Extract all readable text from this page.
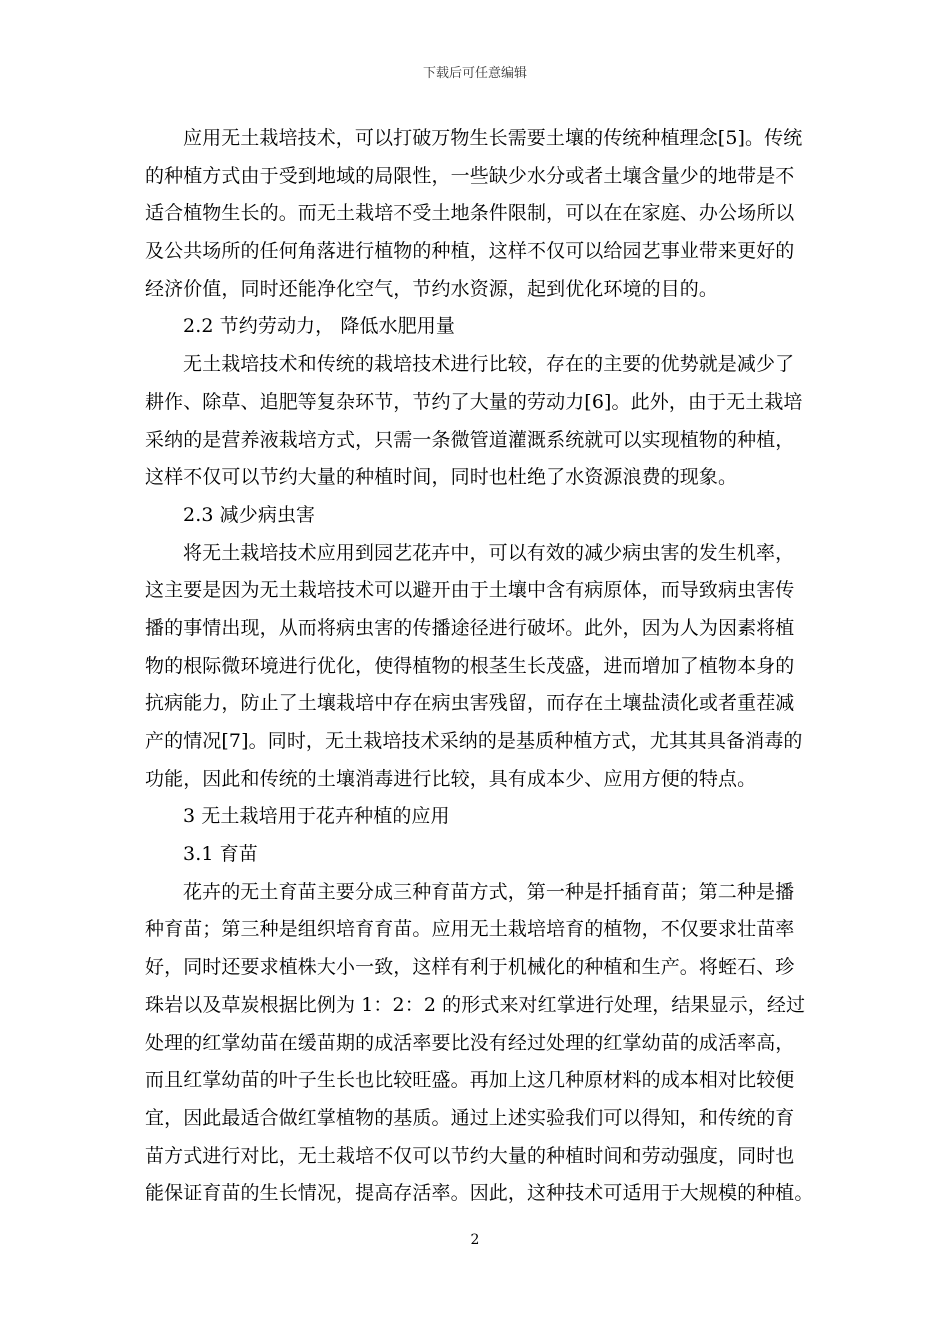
下载后可任意编辑
应用无土栽培技术，可以打破万物生长需要土壤的传统种植理念[5]。传统
的种植方式由于受到地域的局限性，一些缺少水分或者土壤含量少的地带是不
适合植物生长的。而无土栽培不受土地条件限制，可以在在家庭、办公场所以
及公共场所的任何角落进行植物的种植，这样不仅可以给园艺事业带来更好的
经济价值，同时还能净化空气，节约水资源，起到优化环境的目的。
2.2 节约劳动力， 降低水肥用量
无土栽培技术和传统的栽培技术进行比较，存在的主要的优势就是减少了
耕作、除草、追肥等复杂环节，节约了大量的劳动力[6]。此外，由于无土栽培
采纳的是营养液栽培方式，只需一条微管道灌溉系统就可以实现植物的种植，
这样不仅可以节约大量的种植时间，同时也杜绝了水资源浪费的现象。
2.3 减少病虫害
将无土栽培技术应用到园艺花卉中，可以有效的减少病虫害的发生机率，
这主要是因为无土栽培技术可以避开由于土壤中含有病原体，而导致病虫害传
播的事情出现，从而将病虫害的传播途径进行破坏。此外，因为人为因素将植
物的根际微环境进行优化，使得植物的根茎生长茂盛，进而增加了植物本身的
抗病能力，防止了土壤栽培中存在病虫害残留，而存在土壤盐渍化或者重茬减
产的情况[7]。同时，无土栽培技术采纳的是基质种植方式，尤其其具备消毒的
功能，因此和传统的土壤消毒进行比较，具有成本少、应用方便的特点。
3 无土栽培用于花卉种植的应用
3.1 育苗
花卉的无土育苗主要分成三种育苗方式，第一种是扦插育苗；第二种是播
种育苗；第三种是组织培育育苗。应用无土栽培培育的植物，不仅要求壮苗率
好，同时还要求植株大小一致，这样有利于机械化的种植和生产。将蛭石、珍
珠岩以及草炭根据比例为 1：2：2 的形式来对红掌进行处理，结果显示，经过
处理的红掌幼苗在缓苗期的成活率要比没有经过处理的红掌幼苗的成活率高，
而且红掌幼苗的叶子生长也比较旺盛。再加上这几种原材料的成本相对比较便
宜，因此最适合做红掌植物的基质。通过上述实验我们可以得知，和传统的育
苗方式进行对比，无土栽培不仅可以节约大量的种植时间和劳动强度，同时也
能保证育苗的生长情况，提高存活率。因此，这种技术可适用于大规模的种植。
2
